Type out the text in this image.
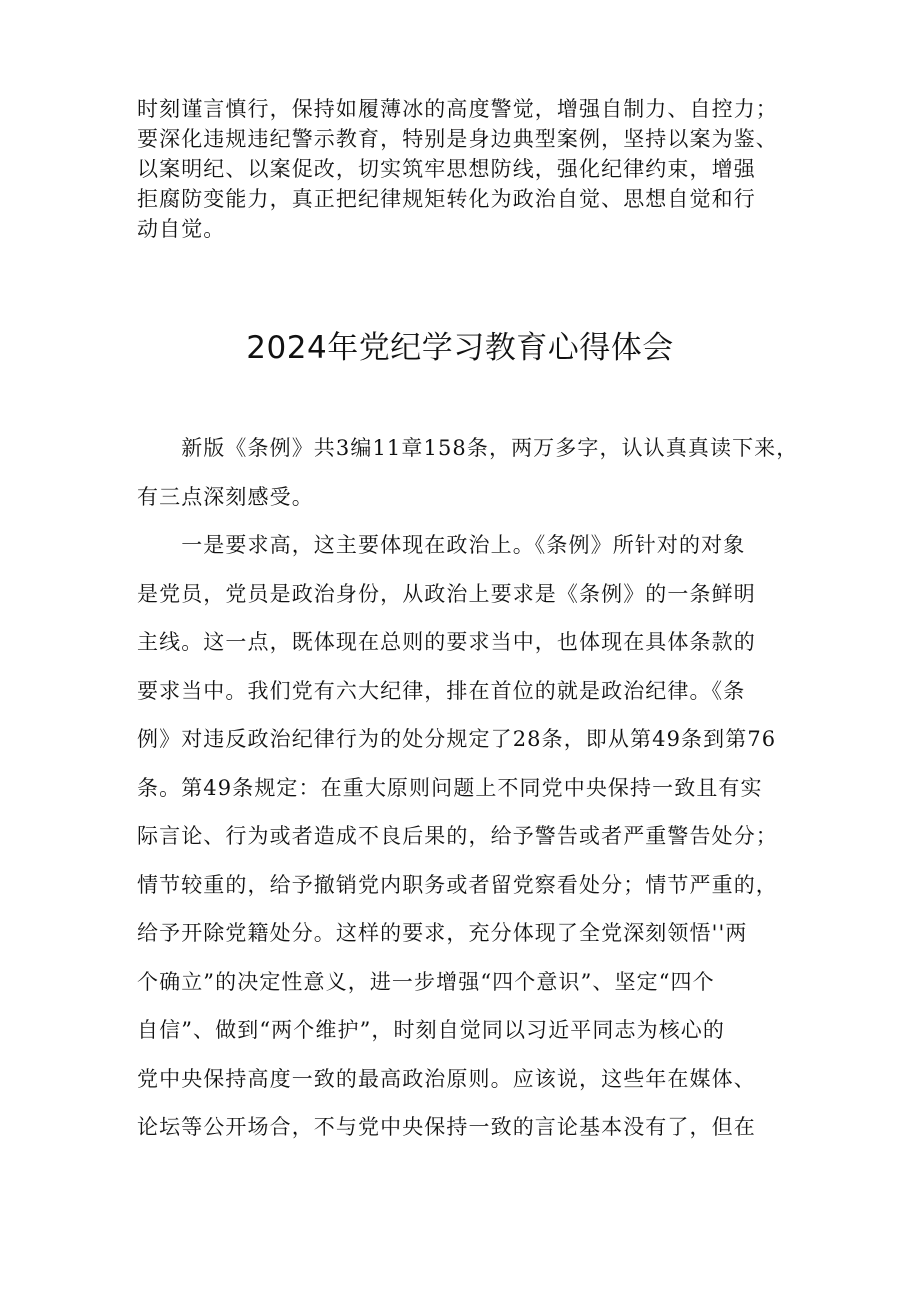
时刻谨言慎行，保持如履薄冰的高度警觉，增强自制力、自控力；
要深化违规违纪警示教育，特别是身边典型案例，坚持以案为鉴、
以案明纪、以案促改，切实筑牢思想防线，强化纪律约束，增强
拒腐防变能力，真正把纪律规矩转化为政治自觉、思想自觉和行
动自觉。
2024年党纪学习教育心得体会
　　新版《条例》共3编11章158条，两万多字，认认真真读下来，
有三点深刻感受。
　　一是要求高，这主要体现在政治上。《条例》所针对的对象
是党员，党员是政治身份，从政治上要求是《条例》的一条鲜明
主线。这一点，既体现在总则的要求当中，也体现在具体条款的
要求当中。我们党有六大纪律，排在首位的就是政治纪律。《条
例》对违反政治纪律行为的处分规定了28条，即从第49条到第76
条。第49条规定：在重大原则问题上不同党中央保持一致且有实
际言论、行为或者造成不良后果的，给予警告或者严重警告处分；
情节较重的，给予撤销党内职务或者留党察看处分；情节严重的，
给予开除党籍处分。这样的要求，充分体现了全党深刻领悟''两
个确立”的决定性意义，进一步增强“四个意识”、坚定“四个
自信”、做到“两个维护”，时刻自觉同以习近平同志为核心的
党中央保持高度一致的最高政治原则。应该说，这些年在媒体、
论坛等公开场合，不与党中央保持一致的言论基本没有了，但在
